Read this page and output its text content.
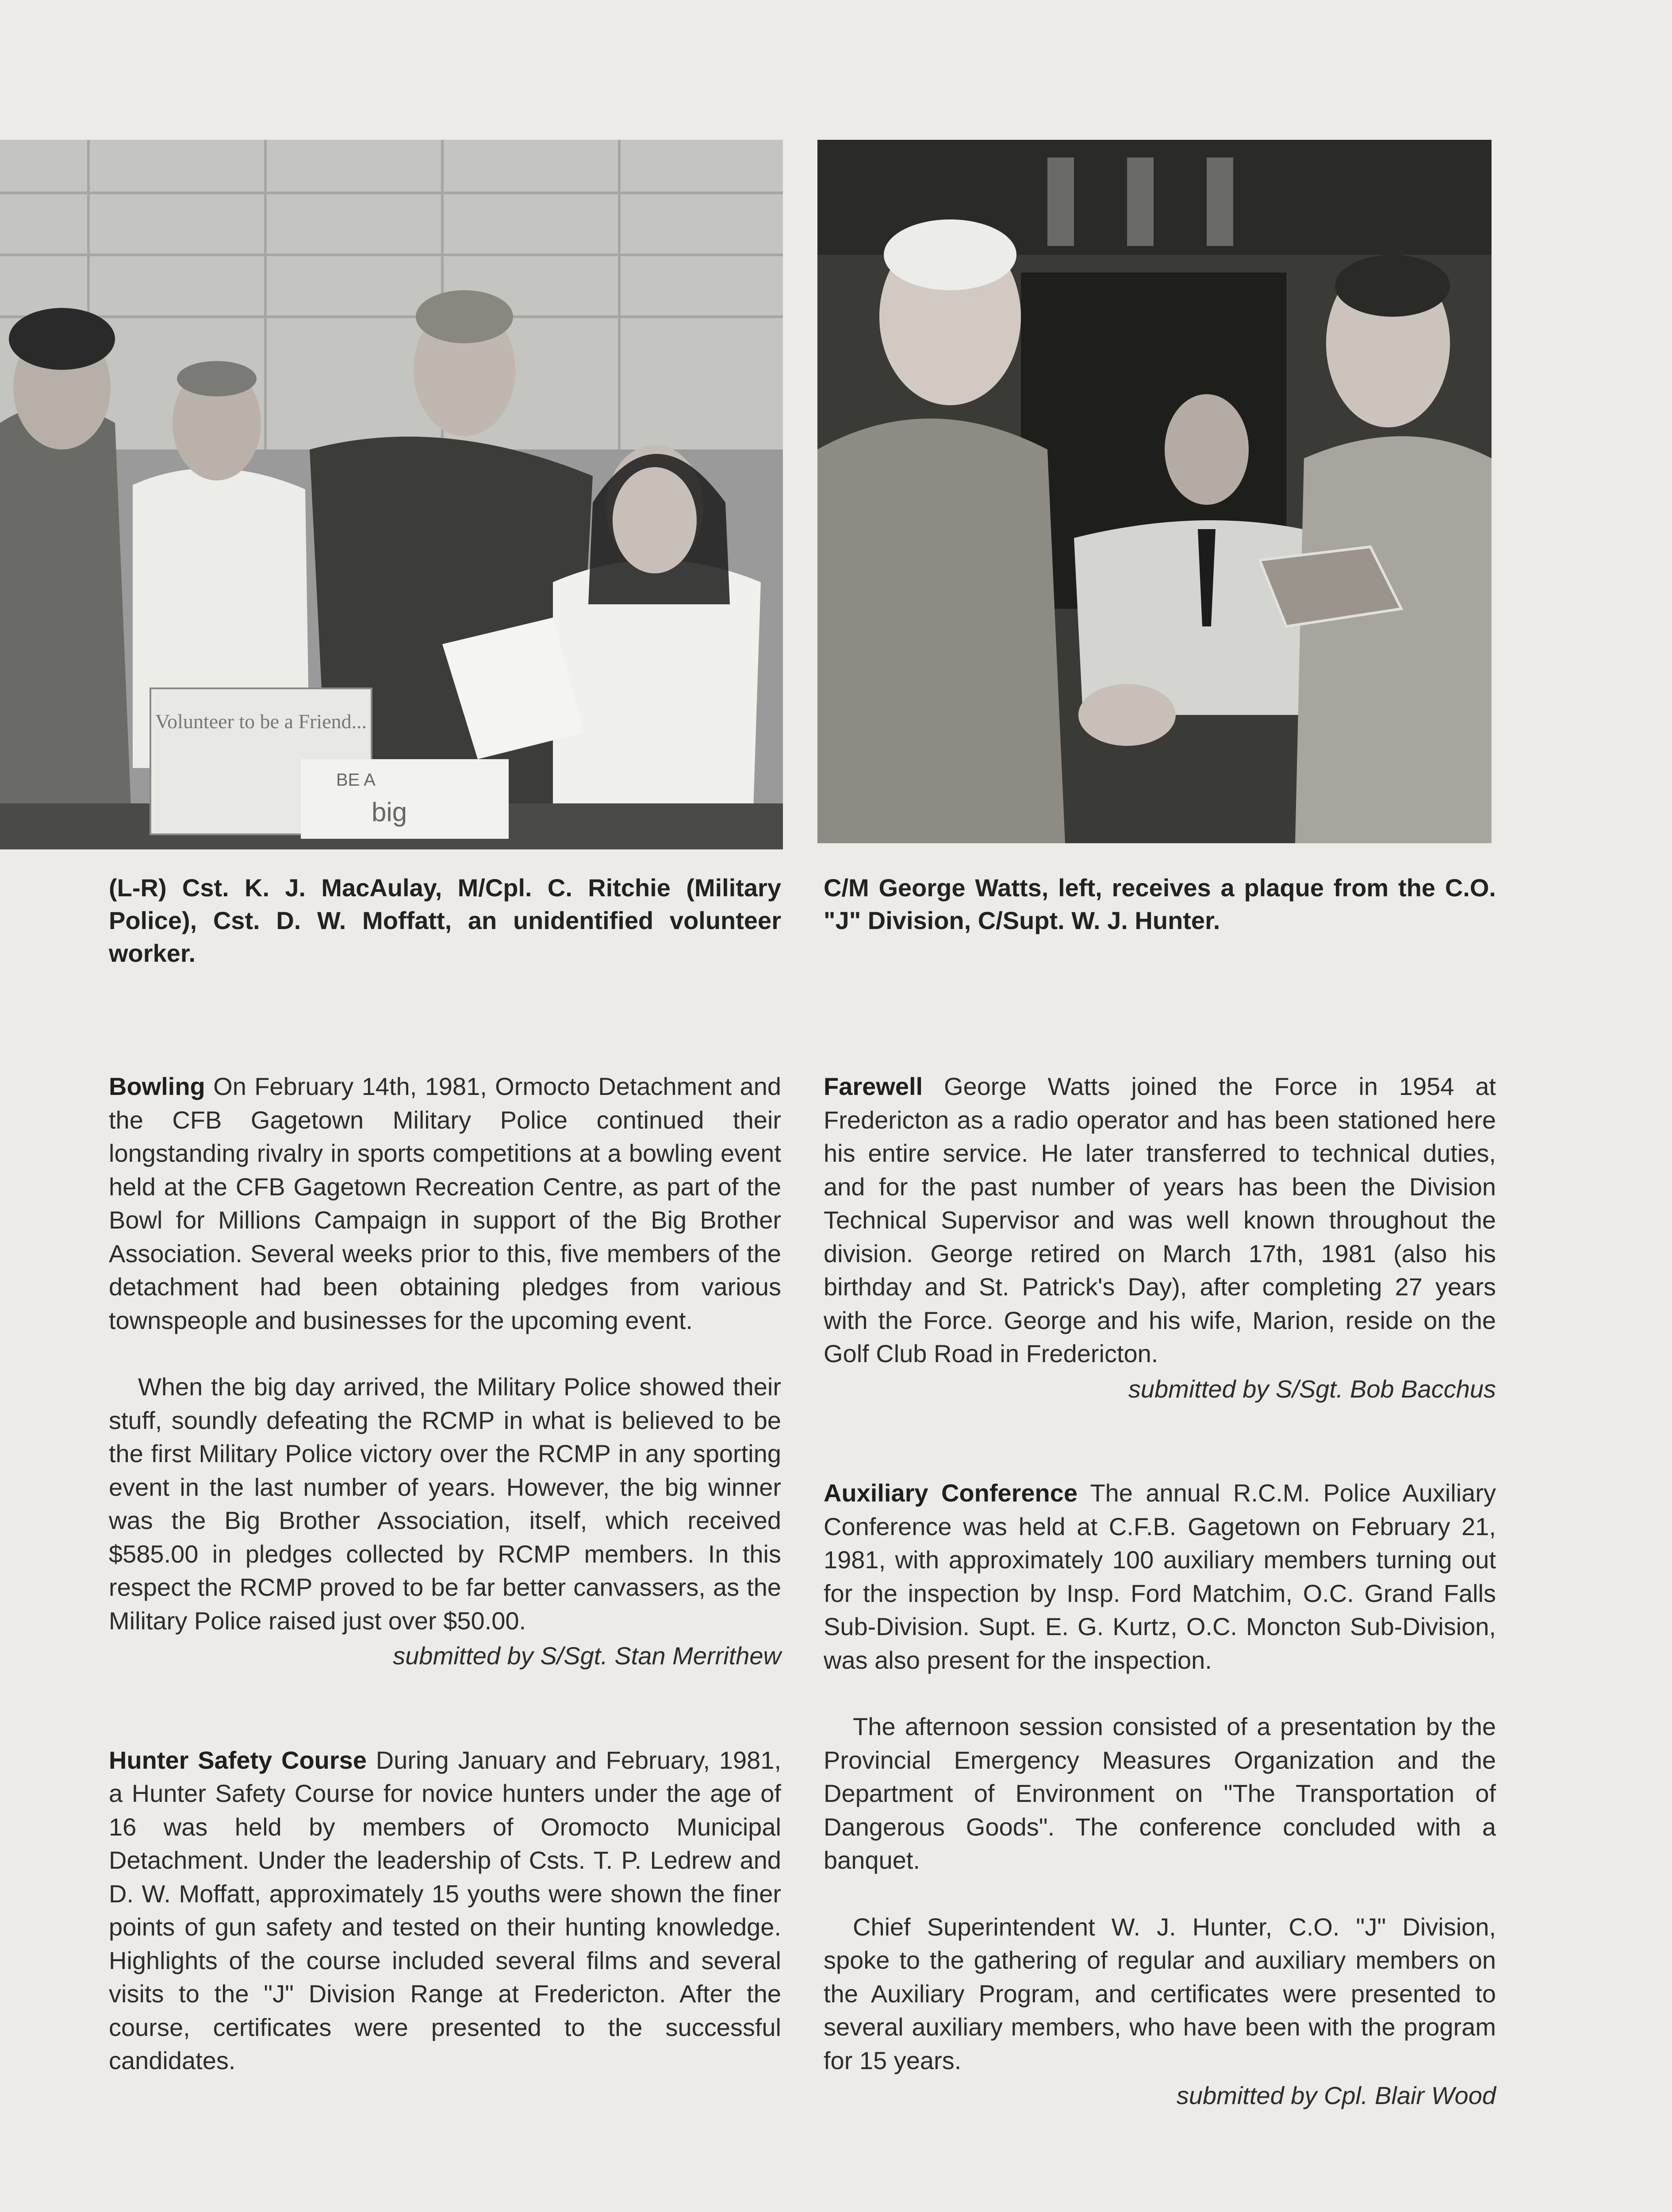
Volunteer to be a Friend...
BE A
big
(L-R) Cst. K. J. MacAulay, M/Cpl. C. Ritchie (Military Police), Cst. D. W. Moffatt, an unidentified volunteer worker.
C/M George Watts, left, receives a plaque from the C.O. "J" Division, C/Supt. W. J. Hunter.

Bowling On February 14th, 1981, Ormocto Detachment and the CFB Gagetown Military Police continued their longstanding rivalry in sports competitions at a bowling event held at the CFB Gagetown Recreation Centre, as part of the Bowl for Millions Campaign in support of the Big Brother Association. Several weeks prior to this, five members of the detachment had been obtaining pledges from various townspeople and businesses for the upcoming event.

When the big day arrived, the Military Police showed their stuff, soundly defeating the RCMP in what is believed to be the first Military Police victory over the RCMP in any sporting event in the last number of years. However, the big winner was the Big Brother Association, itself, which received $585.00 in pledges collected by RCMP members. In this respect the RCMP proved to be far better canvassers, as the Military Police raised just over $50.00.

submitted by S/Sgt. Stan Merrithew

Hunter Safety Course During January and February, 1981, a Hunter Safety Course for novice hunters under the age of 16 was held by members of Oromocto Municipal Detachment. Under the leadership of Csts. T. P. Ledrew and D. W. Moffatt, approximately 15 youths were shown the finer points of gun safety and tested on their hunting knowledge. Highlights of the course included several films and several visits to the "J" Division Range at Fredericton. After the course, certificates were presented to the successful candidates.

Farewell George Watts joined the Force in 1954 at Fredericton as a radio operator and has been stationed here his entire service. He later transferred to technical duties, and for the past number of years has been the Division Technical Supervisor and was well known throughout the division. George retired on March 17th, 1981 (also his birthday and St. Patrick's Day), after completing 27 years with the Force. George and his wife, Marion, reside on the Golf Club Road in Fredericton.

submitted by S/Sgt. Bob Bacchus

Auxiliary Conference The annual R.C.M. Police Auxiliary Conference was held at C.F.B. Gagetown on February 21, 1981, with approximately 100 auxiliary members turning out for the inspection by Insp. Ford Matchim, O.C. Grand Falls Sub-Division. Supt. E. G. Kurtz, O.C. Moncton Sub-Division, was also present for the inspection.

The afternoon session consisted of a presentation by the Provincial Emergency Measures Organization and the Department of Environment on "The Transportation of Dangerous Goods". The conference concluded with a banquet.

Chief Superintendent W. J. Hunter, C.O. "J" Division, spoke to the gathering of regular and auxiliary members on the Auxiliary Program, and certificates were presented to several auxiliary members, who have been with the program for 15 years.

submitted by Cpl. Blair Wood
